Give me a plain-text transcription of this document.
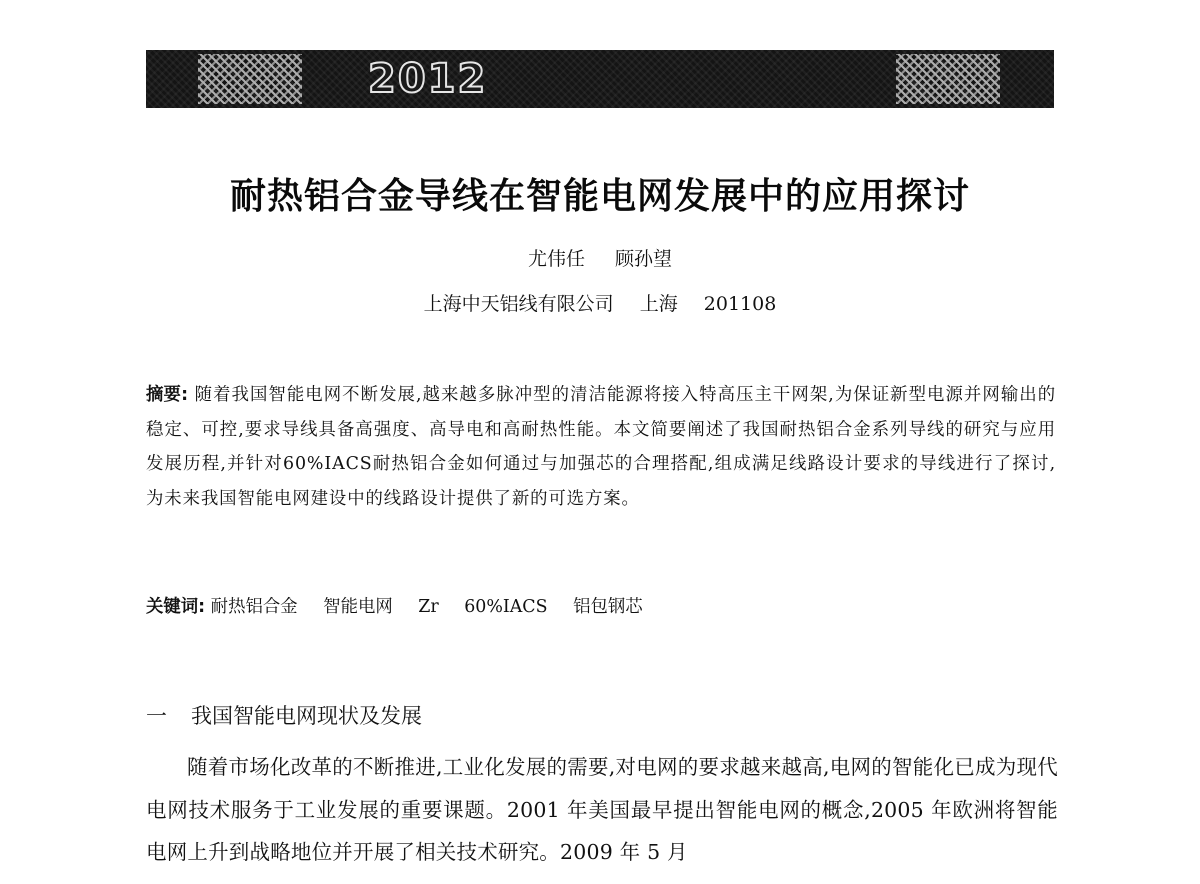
2012
耐热铝合金导线在智能电网发展中的应用探讨
尤伟任 顾孙望
上海中天铝线有限公司 上海 201108
摘要: 随着我国智能电网不断发展,越来越多脉冲型的清洁能源将接入特高压主干网架,为保证新型电源并网输出的稳定、可控,要求导线具备高强度、高导电和高耐热性能。本文简要阐述了我国耐热铝合金系列导线的研究与应用发展历程,并针对60%IACS耐热铝合金如何通过与加强芯的合理搭配,组成满足线路设计要求的导线进行了探讨,为未来我国智能电网建设中的线路设计提供了新的可选方案。
关键词: 耐热铝合金 智能电网 Zr 60%IACS 铝包钢芯
一 我国智能电网现状及发展
随着市场化改革的不断推进,工业化发展的需要,对电网的要求越来越高,电网的智能化已成为现代电网技术服务于工业发展的重要课题。2001 年美国最早提出智能电网的概念,2005 年欧洲将智能电网上升到战略地位并开展了相关技术研究。2009 年 5 月
